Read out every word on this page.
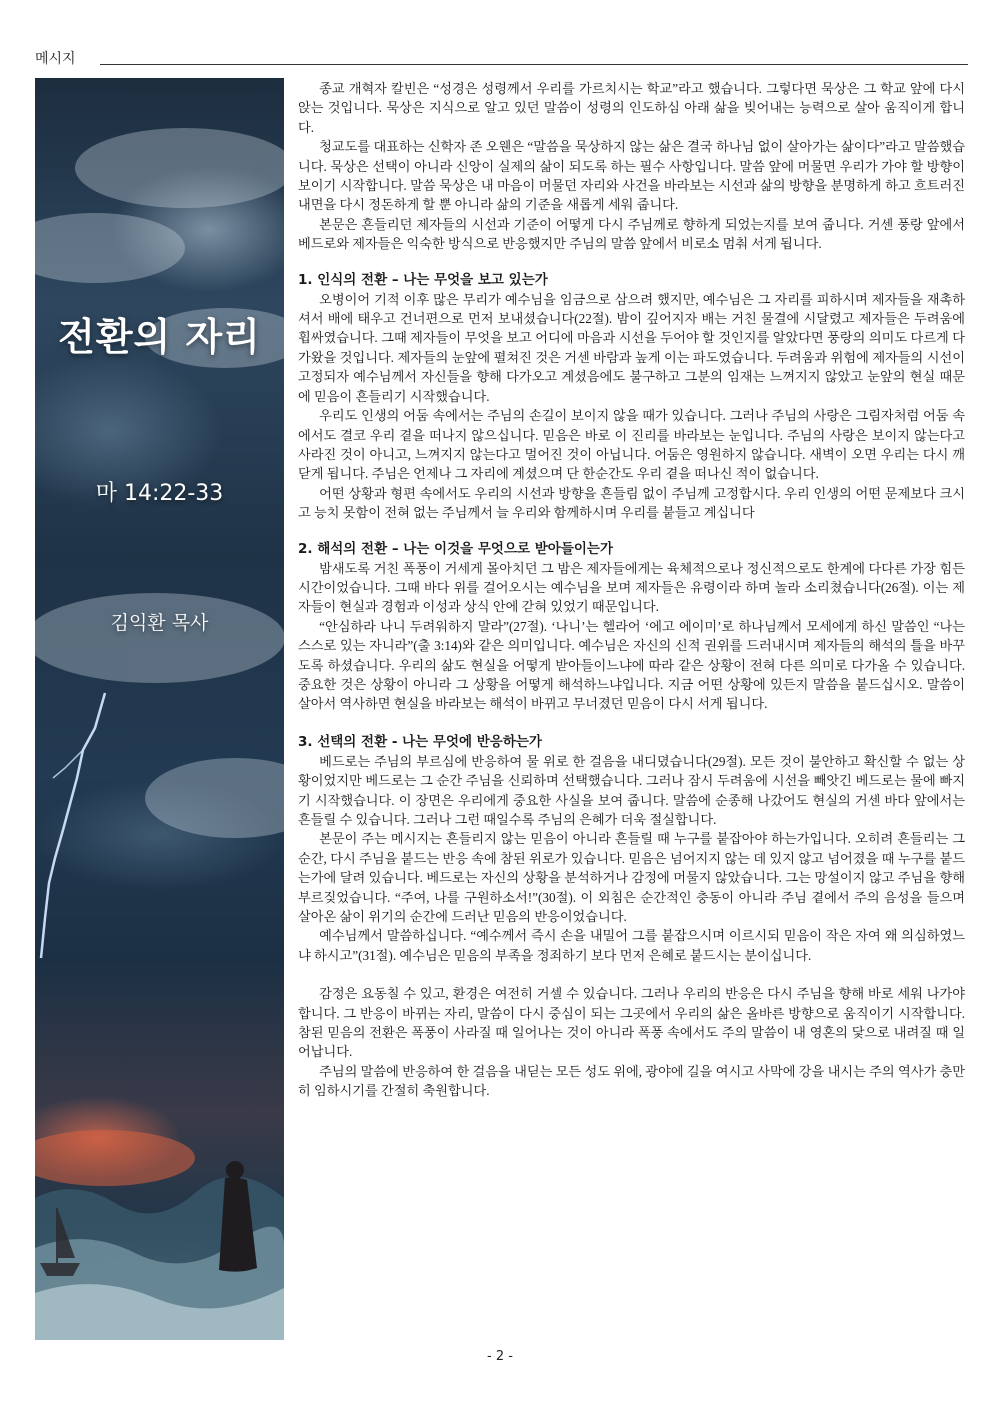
메시지
전환의 자리
마 14:22-33
김익환 목사

종교 개혁자 칼빈은 “성경은 성령께서 우리를 가르치시는 학교”라고 했습니다. 그렇다면 묵상은 그 학교 앞에 다시 앉는 것입니다. 묵상은 지식으로 알고 있던 말씀이 성령의 인도하심 아래 삶을 빚어내는 능력으로 살아 움직이게 합니다.

청교도를 대표하는 신학자 존 오웬은 “말씀을 묵상하지 않는 삶은 결국 하나님 없이 살아가는 삶이다”라고 말씀했습니다. 묵상은 선택이 아니라 신앙이 실제의 삶이 되도록 하는 필수 사항입니다. 말씀 앞에 머물면 우리가 가야 할 방향이 보이기 시작합니다. 말씀 묵상은 내 마음이 머물던 자리와 사건을 바라보는 시선과 삶의 방향을 분명하게 하고 흐트러진 내면을 다시 정돈하게 할 뿐 아니라 삶의 기준을 새롭게 세워 줍니다.

본문은 흔들리던 제자들의 시선과 기준이 어떻게 다시 주님께로 향하게 되었는지를 보여 줍니다. 거센 풍랑 앞에서 베드로와 제자들은 익숙한 방식으로 반응했지만 주님의 말씀 앞에서 비로소 멈춰 서게 됩니다.

1. 인식의 전환 – 나는 무엇을 보고 있는가

오병이어 기적 이후 많은 무리가 예수님을 임금으로 삼으려 했지만, 예수님은 그 자리를 피하시며 제자들을 재촉하셔서 배에 태우고 건너편으로 먼저 보내셨습니다(22절). 밤이 깊어지자 배는 거친 물결에 시달렸고 제자들은 두려움에 휩싸였습니다. 그때 제자들이 무엇을 보고 어디에 마음과 시선을 두어야 할 것인지를 알았다면 풍랑의 의미도 다르게 다가왔을 것입니다. 제자들의 눈앞에 펼쳐진 것은 거센 바람과 높게 이는 파도였습니다. 두려움과 위험에 제자들의 시선이 고정되자 예수님께서 자신들을 향해 다가오고 계셨음에도 불구하고 그분의 임재는 느껴지지 않았고 눈앞의 현실 때문에 믿음이 흔들리기 시작했습니다.

우리도 인생의 어둠 속에서는 주님의 손길이 보이지 않을 때가 있습니다. 그러나 주님의 사랑은 그림자처럼 어둠 속에서도 결코 우리 곁을 떠나지 않으십니다. 믿음은 바로 이 진리를 바라보는 눈입니다. 주님의 사랑은 보이지 않는다고 사라진 것이 아니고, 느껴지지 않는다고 멀어진 것이 아닙니다. 어둠은 영원하지 않습니다. 새벽이 오면 우리는 다시 깨닫게 됩니다. 주님은 언제나 그 자리에 계셨으며 단 한순간도 우리 곁을 떠나신 적이 없습니다.

어떤 상황과 형편 속에서도 우리의 시선과 방향을 흔들림 없이 주님께 고정합시다. 우리 인생의 어떤 문제보다 크시고 능치 못함이 전혀 없는 주님께서 늘 우리와 함께하시며 우리를 붙들고 계십니다

2. 해석의 전환 – 나는 이것을 무엇으로 받아들이는가

밤새도록 거친 폭풍이 거세게 몰아치던 그 밤은 제자들에게는 육체적으로나 정신적으로도 한계에 다다른 가장 힘든 시간이었습니다. 그때 바다 위를 걸어오시는 예수님을 보며 제자들은 유령이라 하며 놀라 소리쳤습니다(26절). 이는 제자들이 현실과 경험과 이성과 상식 안에 갇혀 있었기 때문입니다.

“안심하라 나니 두려워하지 말라”(27절). ‘나니’는 헬라어 ‘에고 에이미’로 하나님께서 모세에게 하신 말씀인 “나는 스스로 있는 자니라”(출 3:14)와 같은 의미입니다. 예수님은 자신의 신적 권위를 드러내시며 제자들의 해석의 틀을 바꾸도록 하셨습니다. 우리의 삶도 현실을 어떻게 받아들이느냐에 따라 같은 상황이 전혀 다른 의미로 다가올 수 있습니다. 중요한 것은 상황이 아니라 그 상황을 어떻게 해석하느냐입니다. 지금 어떤 상황에 있든지 말씀을 붙드십시오. 말씀이 살아서 역사하면 현실을 바라보는 해석이 바뀌고 무너졌던 믿음이 다시 서게 됩니다.

3. 선택의 전환 - 나는 무엇에 반응하는가

베드로는 주님의 부르심에 반응하여 물 위로 한 걸음을 내디뎠습니다(29절). 모든 것이 불안하고 확신할 수 없는 상황이었지만 베드로는 그 순간 주님을 신뢰하며 선택했습니다. 그러나 잠시 두려움에 시선을 빼앗긴 베드로는 물에 빠지기 시작했습니다. 이 장면은 우리에게 중요한 사실을 보여 줍니다. 말씀에 순종해 나갔어도 현실의 거센 바다 앞에서는 흔들릴 수 있습니다. 그러나 그런 때일수록 주님의 은혜가 더욱 절실합니다.

본문이 주는 메시지는 흔들리지 않는 믿음이 아니라 흔들릴 때 누구를 붙잡아야 하는가입니다. 오히려 흔들리는 그 순간, 다시 주님을 붙드는 반응 속에 참된 위로가 있습니다. 믿음은 넘어지지 않는 데 있지 않고 넘어졌을 때 누구를 붙드는가에 달려 있습니다. 베드로는 자신의 상황을 분석하거나 감정에 머물지 않았습니다. 그는 망설이지 않고 주님을 향해 부르짖었습니다. “주여, 나를 구원하소서!”(30절). 이 외침은 순간적인 충동이 아니라 주님 곁에서 주의 음성을 들으며 살아온 삶이 위기의 순간에 드러난 믿음의 반응이었습니다.

예수님께서 말씀하십니다. “예수께서 즉시 손을 내밀어 그를 붙잡으시며 이르시되 믿음이 작은 자여 왜 의심하였느냐 하시고”(31절). 예수님은 믿음의 부족을 정죄하기 보다 먼저 은혜로 붙드시는 분이십니다.

감정은 요동칠 수 있고, 환경은 여전히 거셀 수 있습니다. 그러나 우리의 반응은 다시 주님을 향해 바로 세워 나가야 합니다. 그 반응이 바뀌는 자리, 말씀이 다시 중심이 되는 그곳에서 우리의 삶은 올바른 방향으로 움직이기 시작합니다. 참된 믿음의 전환은 폭풍이 사라질 때 일어나는 것이 아니라 폭풍 속에서도 주의 말씀이 내 영혼의 닻으로 내려질 때 일어납니다.

주님의 말씀에 반응하여 한 걸음을 내딛는 모든 성도 위에, 광야에 길을 여시고 사막에 강을 내시는 주의 역사가 충만히 임하시기를 간절히 축원합니다.

- 2 -
